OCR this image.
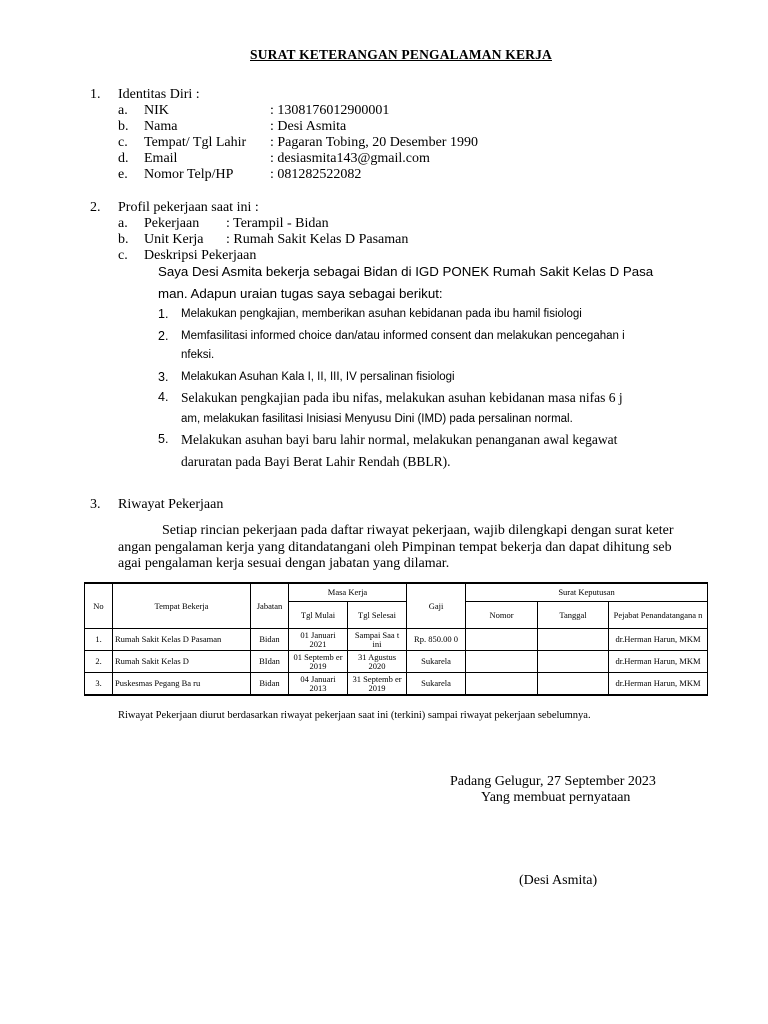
SURAT KETERANGAN PENGALAMAN KERJA
1. Identitas Diri :
a. NIK	: 1308176012900001
b. Nama	: Desi Asmita
c. Tempat/ Tgl Lahir : Pagaran Tobing, 20 Desember 1990
d. Email	: desiasmita143@gmail.com
e. Nomor Telp/HP	: 081282522082
2. Profil pekerjaan saat ini :
a. Pekerjaan : Terampil - Bidan
b. Unit Kerja : Rumah Sakit Kelas D Pasaman
c. Deskripsi Pekerjaan
Saya Desi Asmita bekerja sebagai Bidan di IGD PONEK Rumah Sakit Kelas D Pasa
man. Adapun uraian tugas saya sebagai berikut:
1. Melakukan pengkajian, memberikan asuhan kebidanan pada ibu hamil fisiologi
2. Memfasilitasi informed choice dan/atau informed consent dan melakukan pencegahan i
nfeksi.
3. Melakukan Asuhan Kala I, II, III, IV persalinan fisiologi
4. Selakukan pengkajian pada ibu nifas, melakukan asuhan kebidanan masa nifas 6 j
am, melakukan fasilitasi Inisiasi Menyusu Dini (IMD) pada persalinan normal.
5. Melakukan asuhan bayi baru lahir normal, melakukan penanganan awal kegawat
daruratan pada Bayi Berat Lahir Rendah (BBLR).
3. Riwayat Pekerjaan
Setiap rincian pekerjaan pada daftar riwayat pekerjaan, wajib dilengkapi dengan surat keter
angan pengalaman kerja yang ditandatangani oleh Pimpinan tempat bekerja dan dapat dihitung seb
agai pengalaman kerja sesuai dengan jabatan yang dilamar.
No	Tempat Bekerja	Jabatan	Masa Kerja		Gaji	Surat Keputusan		
			Tgl Mulai	Tgl Selesai		Nomor	Tanggal	Pejabat Penandatangana n
1.	Rumah Sakit Kelas D Pasaman	Bidan	01 Januari 2021	Sampai Saa t ini	Rp. 850.00 0			dr.Herman Harun, MKM
2.	Rumah Sakit Kelas D	BIdan	01 Septemb er 2019	31 Agustus 2020	Sukarela			dr.Herman Harun, MKM
3.	Puskesmas Pegang Ba ru	Bidan	04 Januari 2013	31 Septemb er 2019	Sukarela			dr.Herman Harun, MKM
Riwayat Pekerjaan diurut berdasarkan riwayat pekerjaan saat ini (terkini) sampai riwayat pekerjaan sebelumnya.
Padang Gelugur, 27 September 2023
Yang membuat pernyataan
(Desi Asmita)
